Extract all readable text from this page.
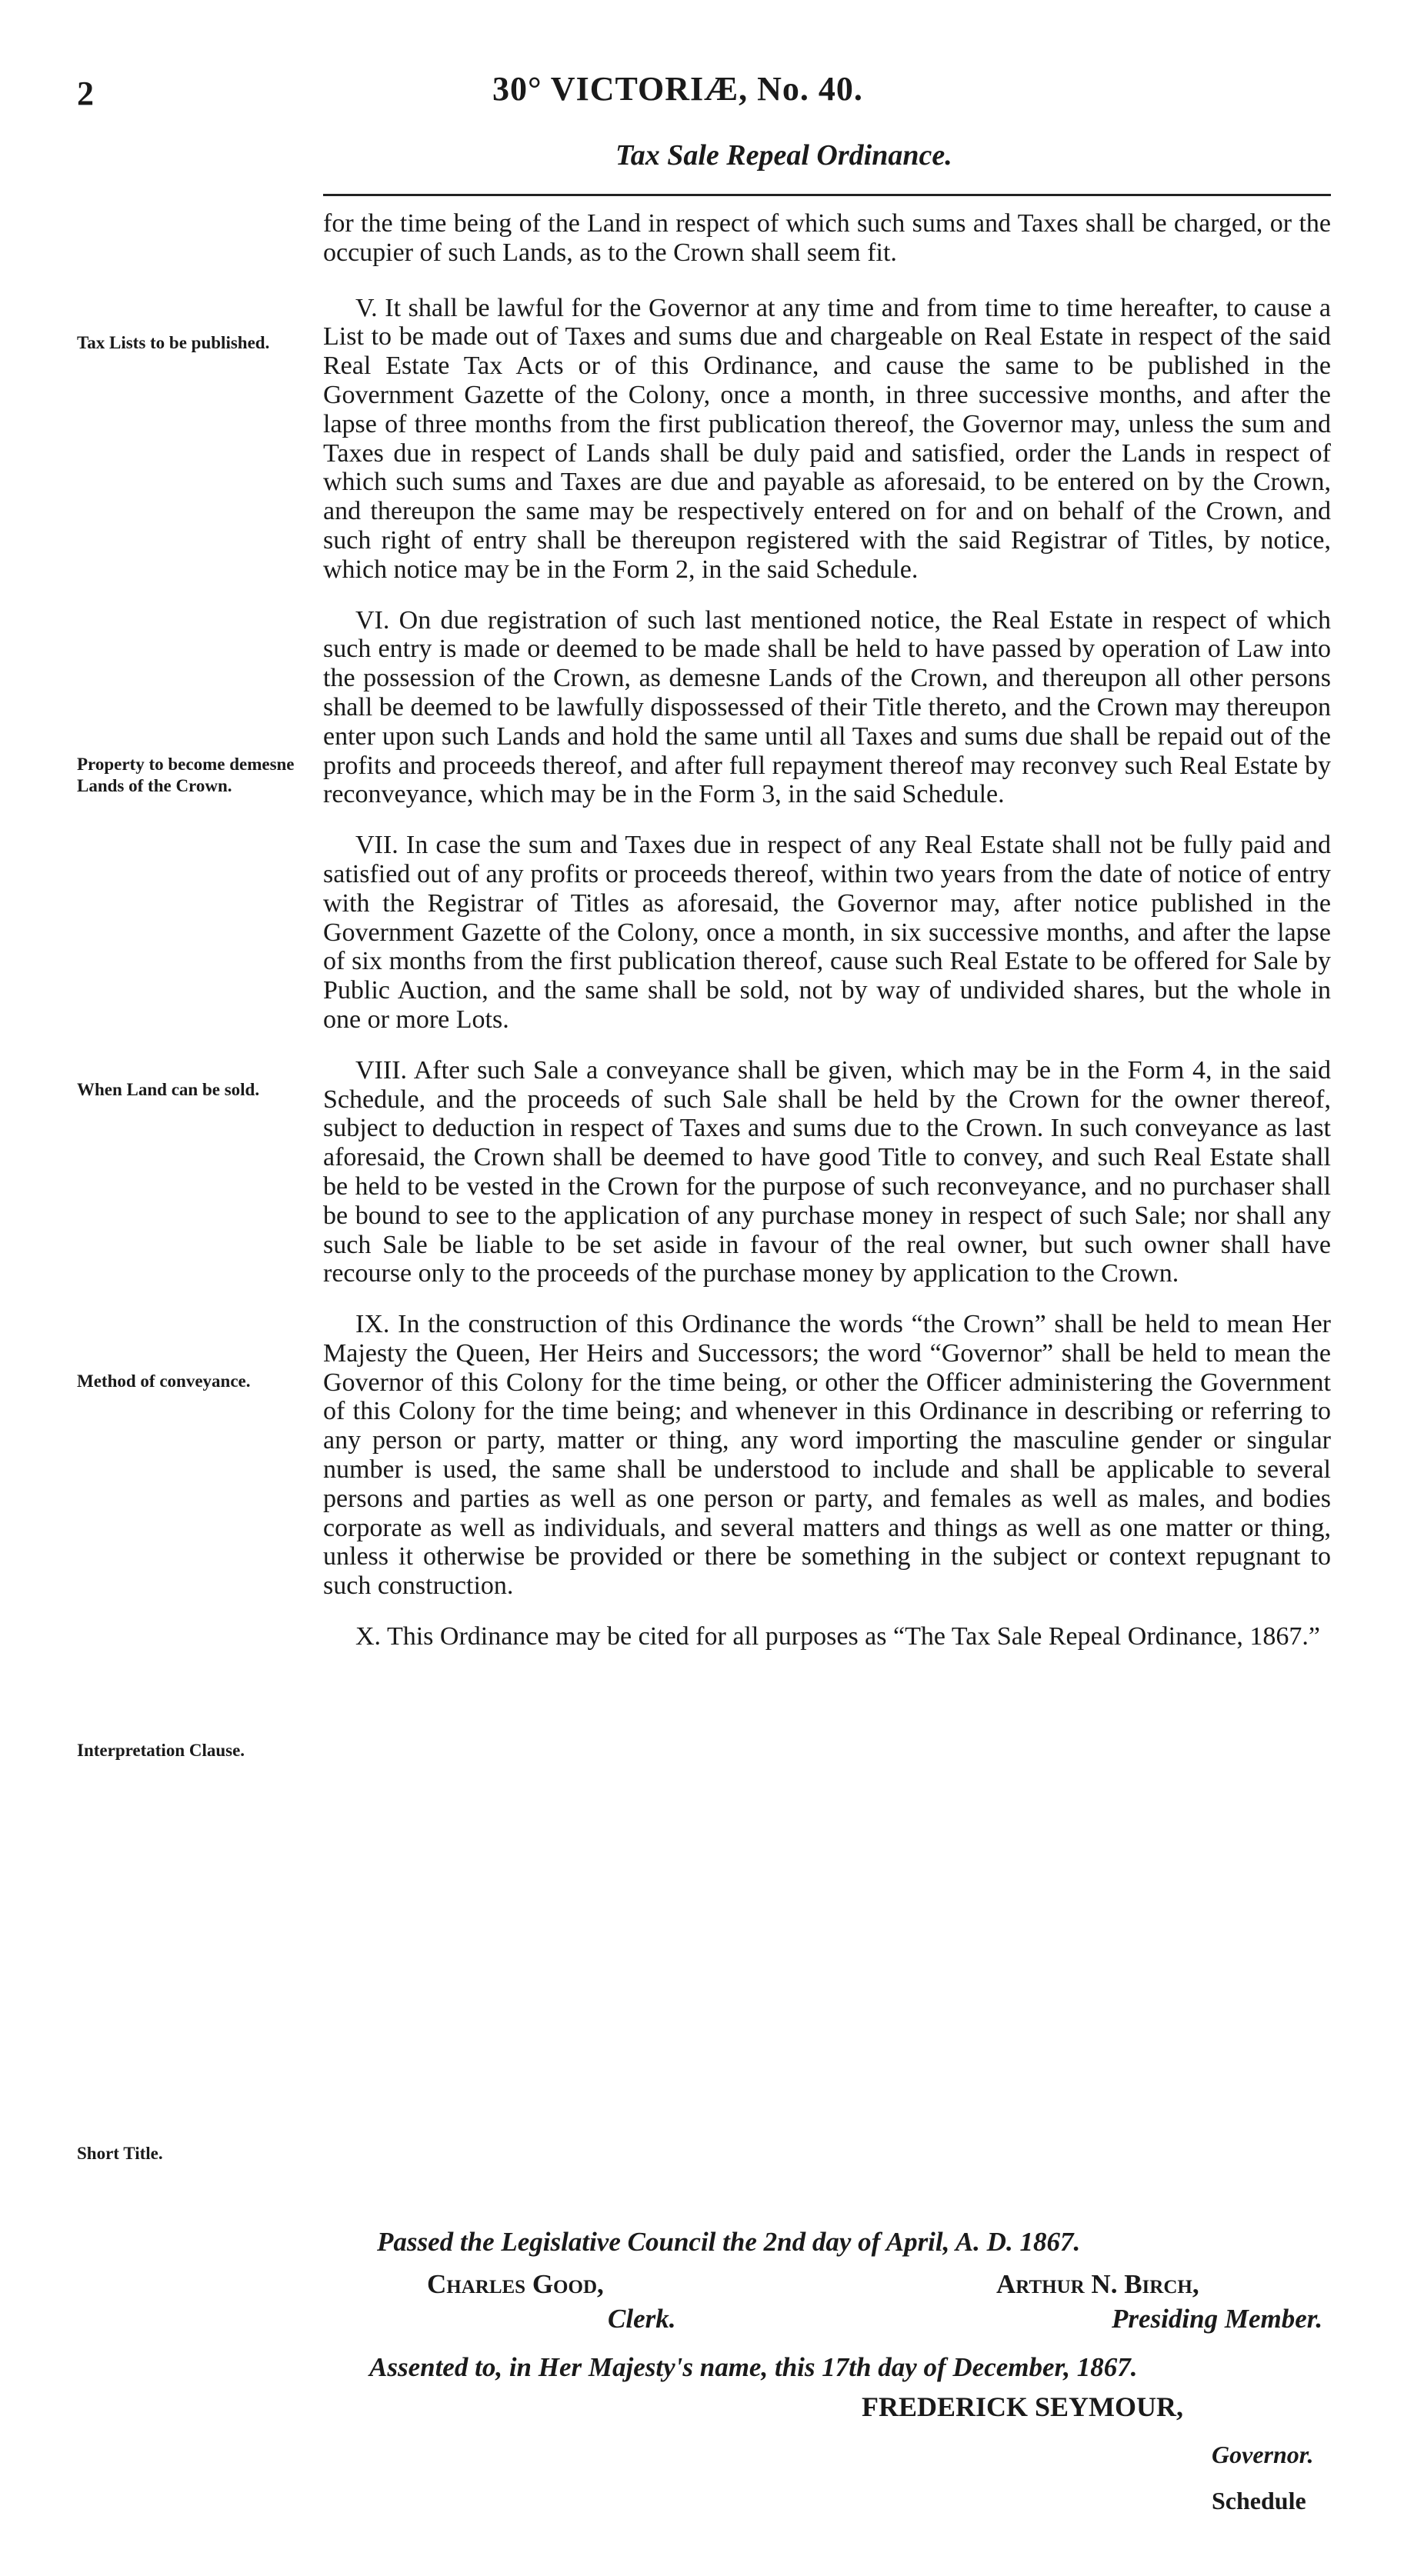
2	30° VICTORIÆ, No. 40.
Tax Sale Repeal Ordinance.
Tax Lists to be published.
Property to become demesne Lands of the Crown.
When Land can be sold.
Method of conveyance.
Interpretation Clause.
Short Title.

for the time being of the Land in respect of which such sums and Taxes shall be charged, or the occupier of such Lands, as to the Crown shall seem fit.

V. It shall be lawful for the Governor at any time and from time to time hereafter, to cause a List to be made out of Taxes and sums due and chargeable on Real Estate in respect of the said Real Estate Tax Acts or of this Ordinance, and cause the same to be published in the Government Gazette of the Colony, once a month, in three successive months, and after the lapse of three months from the first publication thereof, the Governor may, unless the sum and Taxes due in respect of Lands shall be duly paid and satisfied, order the Lands in respect of which such sums and Taxes are due and payable as aforesaid, to be entered on by the Crown, and thereupon the same may be respectively entered on for and on behalf of the Crown, and such right of entry shall be thereupon registered with the said Registrar of Titles, by notice, which notice may be in the Form 2, in the said Schedule.

VI. On due registration of such last mentioned notice, the Real Estate in respect of which such entry is made or deemed to be made shall be held to have passed by operation of Law into the possession of the Crown, as demesne Lands of the Crown, and thereupon all other persons shall be deemed to be lawfully dispossessed of their Title thereto, and the Crown may thereupon enter upon such Lands and hold the same until all Taxes and sums due shall be repaid out of the profits and proceeds thereof, and after full repayment thereof may reconvey such Real Estate by reconveyance, which may be in the Form 3, in the said Schedule.

VII. In case the sum and Taxes due in respect of any Real Estate shall not be fully paid and satisfied out of any profits or proceeds thereof, within two years from the date of notice of entry with the Registrar of Titles as aforesaid, the Governor may, after notice published in the Government Gazette of the Colony, once a month, in six successive months, and after the lapse of six months from the first publication thereof, cause such Real Estate to be offered for Sale by Public Auction, and the same shall be sold, not by way of undivided shares, but the whole in one or more Lots.

VIII. After such Sale a conveyance shall be given, which may be in the Form 4, in the said Schedule, and the proceeds of such Sale shall be held by the Crown for the owner thereof, subject to deduction in respect of Taxes and sums due to the Crown. In such conveyance as last aforesaid, the Crown shall be deemed to have good Title to convey, and such Real Estate shall be held to be vested in the Crown for the purpose of such reconveyance, and no purchaser shall be bound to see to the application of any purchase money in respect of such Sale; nor shall any such Sale be liable to be set aside in favour of the real owner, but such owner shall have recourse only to the proceeds of the purchase money by application to the Crown.

IX. In the construction of this Ordinance the words “the Crown” shall be held to mean Her Majesty the Queen, Her Heirs and Successors; the word “Governor” shall be held to mean the Governor of this Colony for the time being, or other the Officer administering the Government of this Colony for the time being; and whenever in this Ordinance in describing or referring to any person or party, matter or thing, any word importing the masculine gender or singular number is used, the same shall be understood to include and shall be applicable to several persons and parties as well as one person or party, and females as well as males, and bodies corporate as well as individuals, and several matters and things as well as one matter or thing, unless it otherwise be provided or there be something in the subject or context repugnant to such construction.

X. This Ordinance may be cited for all purposes as “The Tax Sale Repeal Ordinance, 1867.”

Passed the Legislative Council the 2nd day of April, A. D. 1867.
Charles Good,
Clerk.
Arthur N. Birch,
Presiding Member.
Assented to, in Her Majesty's name, this 17th day of December, 1867.
FREDERICK SEYMOUR,
Governor.
Schedule
